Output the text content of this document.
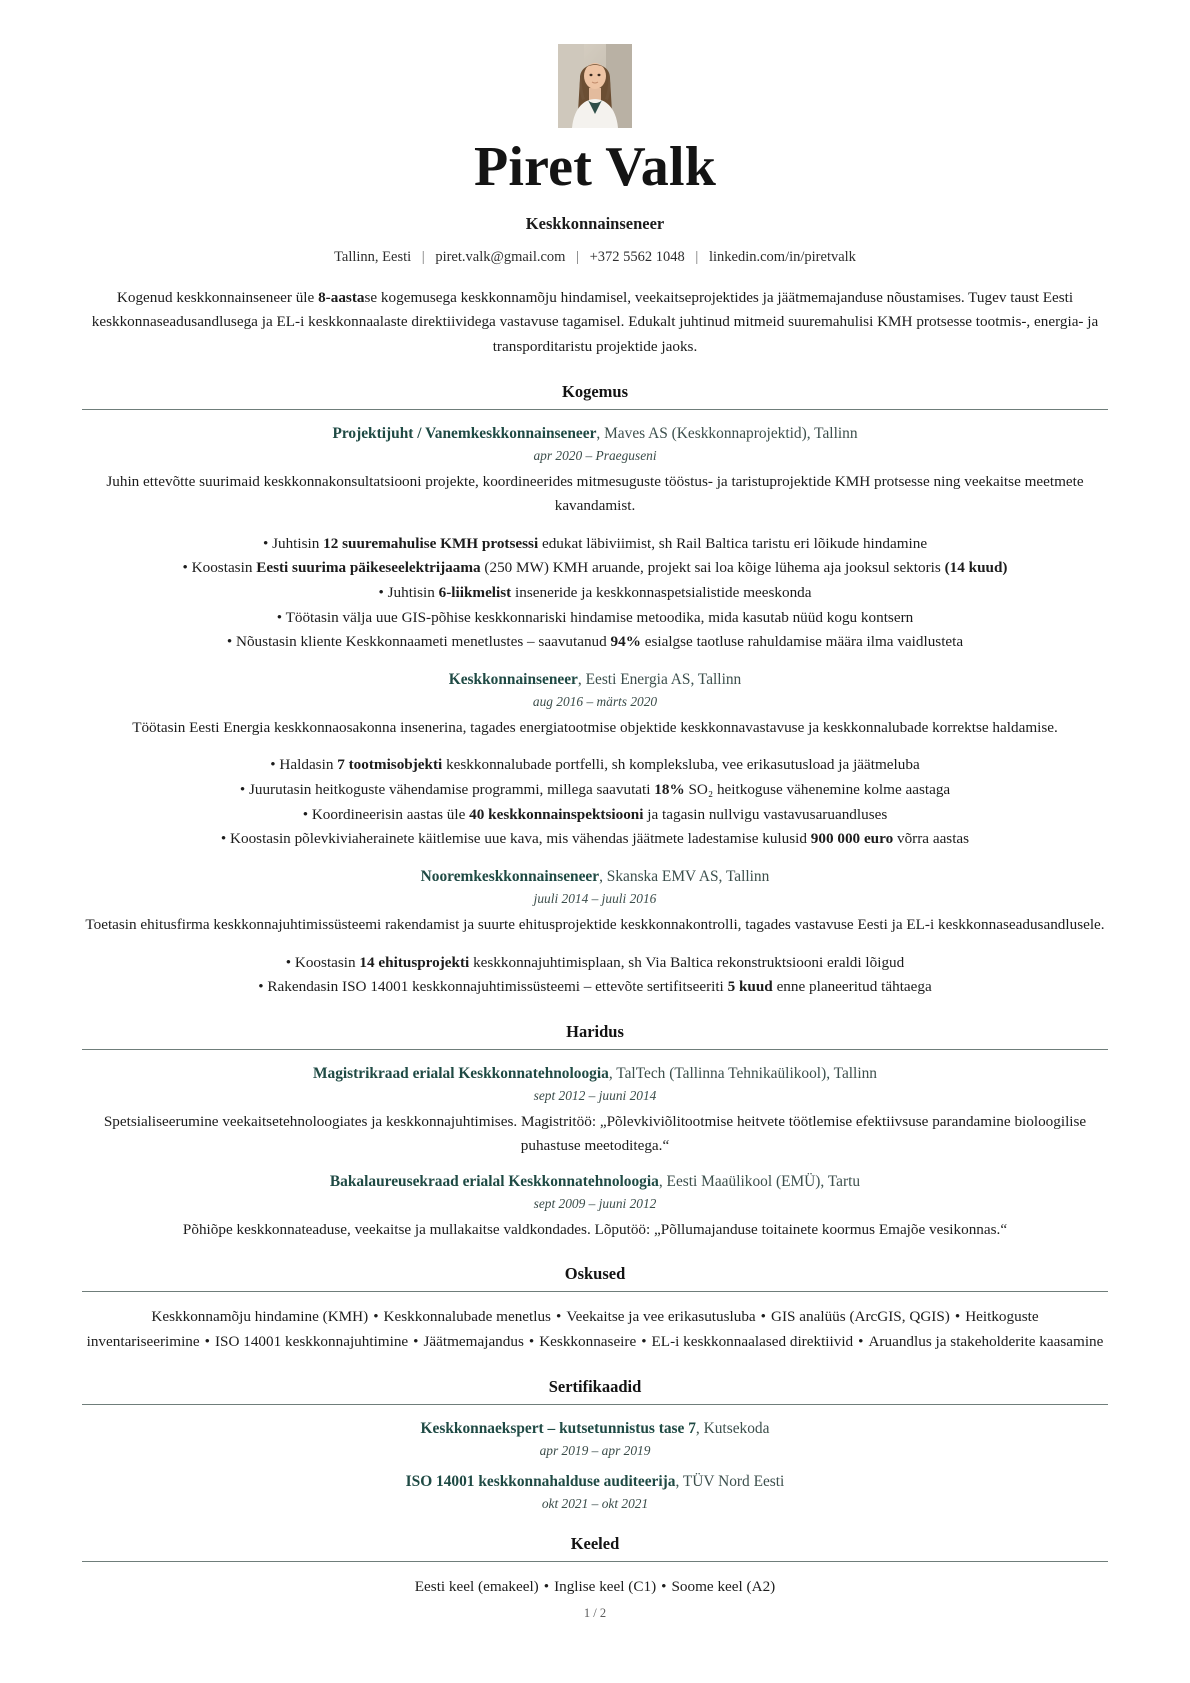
Piret Valk
Keskkonnainseneer
Tallinn, Eesti | piret.valk@gmail.com | +372 5562 1048 | linkedin.com/in/piretvalk

Kogenud keskkonnainseneer üle 8-aastase kogemusega keskkonnamõju hindamisel, veekaitseprojektides ja jäätmemajanduse nõustamises. Tugev taust Eesti keskkonnaseadusandlusega ja EL-i keskkonnaalaste direktiividega vastavuse tagamisel. Edukalt juhtinud mitmeid suuremahulisi KMH protsesse tootmis-, energia- ja transporditaristu projektide jaoks.

Kogemus
Projektijuht / Vanemkeskkonnainseneer, Maves AS (Keskkonnaprojektid), Tallinn
apr 2020 – Praeguseni
Juhin ettevõtte suurimaid keskkonnakonsultatsiooni projekte, koordineerides mitmesuguste tööstus- ja taristuprojektide KMH protsesse ning veekaitse meetmete kavandamist.
• Juhtisin 12 suuremahulise KMH protsessi edukat läbiviimist, sh Rail Baltica taristu eri lõikude hindamine
• Koostasin Eesti suurima päikeseelektrijaama (250 MW) KMH aruande, projekt sai loa kõige lühema aja jooksul sektoris (14 kuud)
• Juhtisin 6-liikmelist inseneride ja keskkonnaspetsialistide meeskonda
• Töötasin välja uue GIS-põhise keskkonnariski hindamise metoodika, mida kasutab nüüd kogu kontsern
• Nõustasin kliente Keskkonnaameti menetlustes – saavutanud 94% esialgse taotluse rahuldamise määra ilma vaidlusteta
Keskkonnainseneer, Eesti Energia AS, Tallinn
aug 2016 – märts 2020
Töötasin Eesti Energia keskkonnaosakonna insenerina, tagades energiatootmise objektide keskkonnavastavuse ja keskkonnalubade korrektse haldamise.
• Haldasin 7 tootmisobjekti keskkonnalubade portfelli, sh kompleksluba, vee erikasutusload ja jäätmeluba
• Juurutasin heitkoguste vähendamise programmi, millega saavutati 18% SO₂ heitkoguse vähenemine kolme aastaga
• Koordineerisin aastas üle 40 keskkonnainspektsiooni ja tagasin nullvigu vastavusaruandluses
• Koostasin põlevkiviaherainete käitlemise uue kava, mis vähendas jäätmete ladestamise kulusid 900 000 euro võrra aastas
Nooremkeskkonnainseneer, Skanska EMV AS, Tallinn
juuli 2014 – juuli 2016
Toetasin ehitusfirma keskkonnajuhtimissüsteemi rakendamist ja suurte ehitusprojektide keskkonnakontrolli, tagades vastavuse Eesti ja EL-i keskkonnaseadusandlusele.
• Koostasin 14 ehitusprojekti keskkonnajuhtimisplaan, sh Via Baltica rekonstruktsiooni eraldi lõigud
• Rakendasin ISO 14001 keskkonnajuhtimissüsteemi – ettevõte sertifitseeriti 5 kuud enne planeeritud tähtaega
Haridus
Magistrikraad erialal Keskkonnatehnoloogia, TalTech (Tallinna Tehnikaülikool), Tallinn
sept 2012 – juuni 2014
Spetsialiseerumine veekaitsetehnoloogiates ja keskkonnajuhtimises. Magistritöö: „Põlevkiviõlitootmise heitvete töötlemise efektiivsuse parandamine bioloogilise puhastuse meetoditega.“
Bakalaureusekraad erialal Keskkonnatehnoloogia, Eesti Maaülikool (EMÜ), Tartu
sept 2009 – juuni 2012
Põhiõpe keskkonnateaduse, veekaitse ja mullakaitse valdkondades. Lõputöö: „Põllumajanduse toitainete koormus Emajõe vesikonnas.“
Oskused
Keskkonnamõju hindamine (KMH) • Keskkonnalubade menetlus • Veekaitse ja vee erikasutusluba • GIS analüüs (ArcGIS, QGIS) • Heitkoguste inventariseerimine • ISO 14001 keskkonnajuhtimine • Jäätmemajandus • Keskkonnaseire • EL-i keskkonnaalased direktiivid • Aruandlus ja stakeholderite kaasamine
Sertifikaadid
Keskkonnaekspert – kutsetunnistus tase 7, Kutsekoda
apr 2019 – apr 2019
ISO 14001 keskkonnahalduse auditeerija, TÜV Nord Eesti
okt 2021 – okt 2021
Keeled
Eesti keel (emakeel) • Inglise keel (C1) • Soome keel (A2)
1 / 2
